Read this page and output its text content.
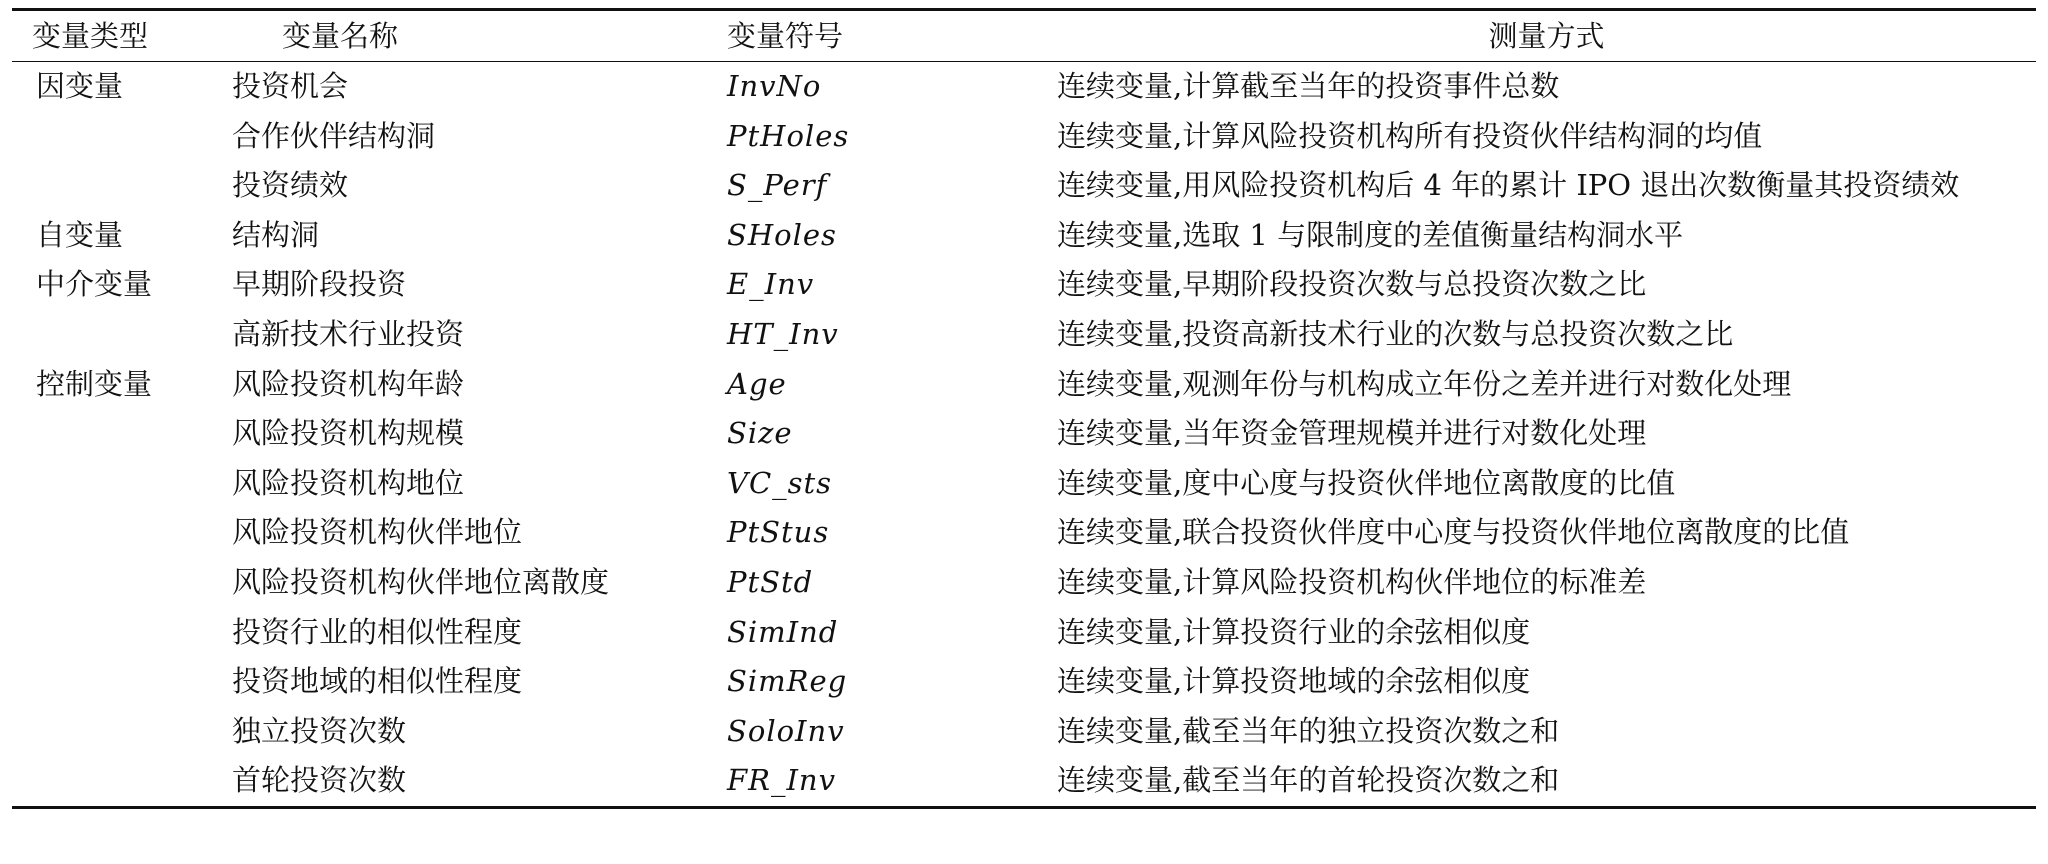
变量类型	变量名称	变量符号	测量方式
因变量	投资机会	InvNo	连续变量,计算截至当年的投资事件总数
	合作伙伴结构洞	PtHoles	连续变量,计算风险投资机构所有投资伙伴结构洞的均值
	投资绩效	S_Perf	连续变量,用风险投资机构后 4 年的累计 IPO 退出次数衡量其投资绩效
自变量	结构洞	SHoles	连续变量,选取 1 与限制度的差值衡量结构洞水平
中介变量	早期阶段投资	E_Inv	连续变量,早期阶段投资次数与总投资次数之比
	高新技术行业投资	HT_Inv	连续变量,投资高新技术行业的次数与总投资次数之比
控制变量	风险投资机构年龄	Age	连续变量,观测年份与机构成立年份之差并进行对数化处理
	风险投资机构规模	Size	连续变量,当年资金管理规模并进行对数化处理
	风险投资机构地位	VC_sts	连续变量,度中心度与投资伙伴地位离散度的比值
	风险投资机构伙伴地位	PtStus	连续变量,联合投资伙伴度中心度与投资伙伴地位离散度的比值
	风险投资机构伙伴地位离散度	PtStd	连续变量,计算风险投资机构伙伴地位的标准差
	投资行业的相似性程度	SimInd	连续变量,计算投资行业的余弦相似度
	投资地域的相似性程度	SimReg	连续变量,计算投资地域的余弦相似度
	独立投资次数	SoloInv	连续变量,截至当年的独立投资次数之和
	首轮投资次数	FR_Inv	连续变量,截至当年的首轮投资次数之和
